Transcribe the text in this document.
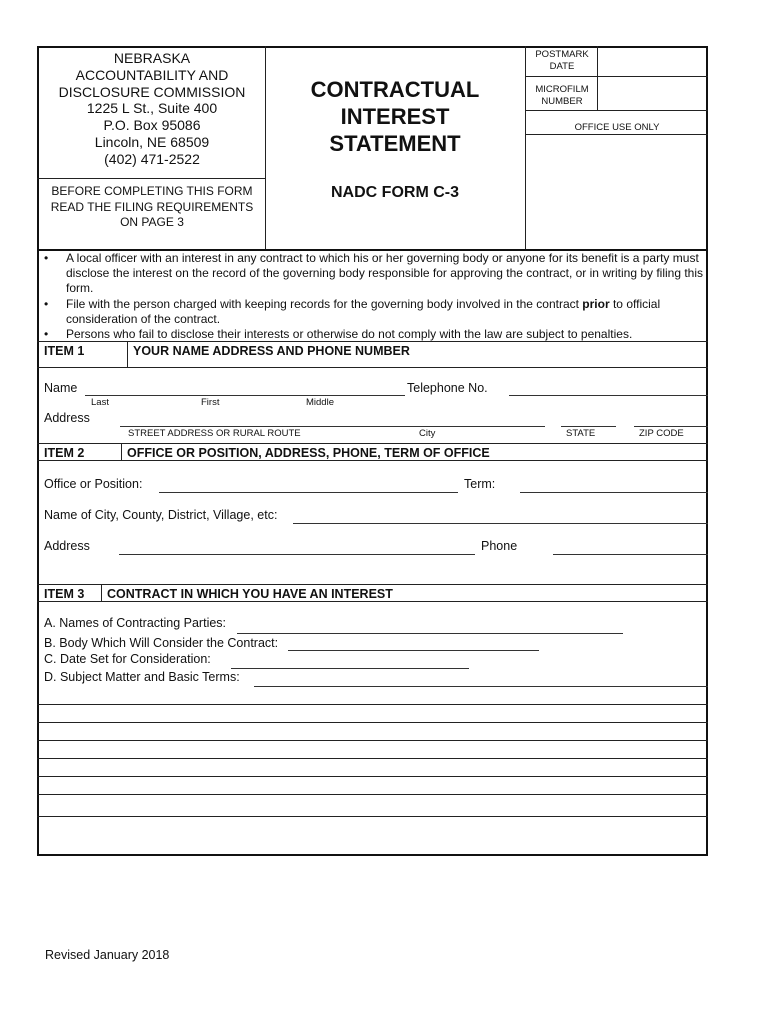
NEBRASKA
ACCOUNTABILITY AND
DISCLOSURE COMMISSION
1225 L St., Suite 400
P.O. Box 95086
Lincoln, NE 68509
(402) 471-2522
BEFORE COMPLETING THIS FORM
READ THE FILING REQUIREMENTS
ON PAGE 3
CONTRACTUAL
INTEREST
STATEMENT
NADC FORM C-3
POSTMARK
DATE
MICROFILM
NUMBER
OFFICE USE ONLY
• A local officer with an interest in any contract to which his or her governing body or anyone for its benefit is a party must disclose the interest on the record of the governing body responsible for approving the contract, or in writing by filing this form.
• File with the person charged with keeping records for the governing body involved in the contract prior to official consideration of the contract.
• Persons who fail to disclose their interests or otherwise do not comply with the law are subject to penalties.
ITEM 1	YOUR NAME ADDRESS AND PHONE NUMBER
Name	Telephone No.
Last	First	Middle
Address
STREET ADDRESS OR RURAL ROUTE	City	STATE	ZIP CODE
ITEM 2	OFFICE OR POSITION, ADDRESS, PHONE, TERM OF OFFICE
Office or Position:	Term:
Name of City, County, District, Village, etc:
Address	Phone
ITEM 3 CONTRACT IN WHICH YOU HAVE AN INTEREST
A. Names of Contracting Parties:
B. Body Which Will Consider the Contract:
C. Date Set for Consideration:
D. Subject Matter and Basic Terms:
Revised January 2018
